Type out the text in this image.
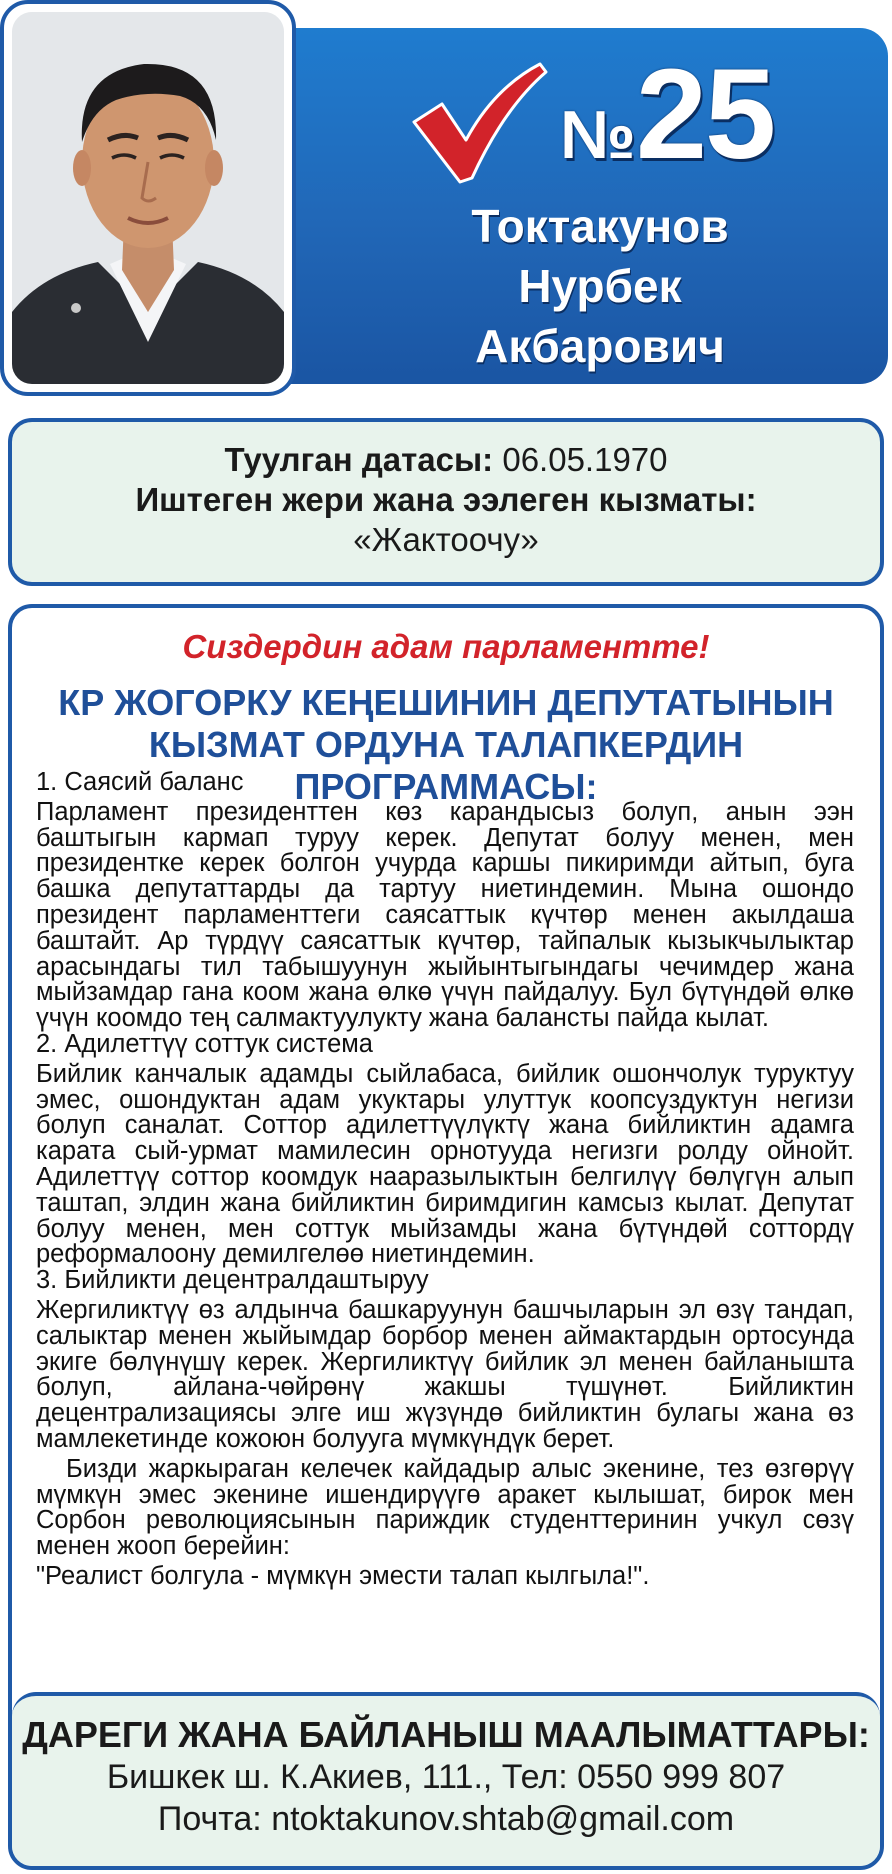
№25
Токтакунов
Нурбек
Акбарович
Туулган датасы: 06.05.1970
Иштеген жери жана ээлеген кызматы:
«Жактоочу»
Сиздердин адам парламентте!
КР ЖОГОРКУ КЕҢЕШИНИН ДЕПУТАТЫНЫН
КЫЗМАТ ОРДУНА ТАЛАПКЕРДИН ПРОГРАММАСЫ:

1. Саясий баланс

Парламент президенттен көз карандысыз болуп, анын ээн баштыгын кармап туруу керек. Депутат болуу менен, мен президентке керек болгон учурда каршы пикиримди айтып, буга башка депутаттарды да тартуу ниетиндемин. Мына ошондо президент парламенттеги саясаттык күчтөр менен акылдаша баштайт. Ар түрдүү саясаттык күчтөр, тайпалык кызыкчылыктар арасындагы тил табышуунун жыйынтыгындагы чечимдер жана мыйзамдар гана коом жана өлкө үчүн пайдалуу. Бул бүтүндөй өлкө үчүн коомдо тең салмактуулукту жана балансты пайда кылат.

2. Адилеттүү соттук система

Бийлик канчалык адамды сыйлабаса, бийлик ошончолук туруктуу эмес, ошондуктан адам укуктары улуттук коопсуздуктун негизи болуп саналат. Соттор адилеттүүлүктү жана бийликтин адамга карата сый-урмат мамилесин орнотууда негизги ролду ойнойт. Адилеттүү соттор коомдук нааразылыктын белгилүү бөлүгүн алып таштап, элдин жана бийликтин биримдигин камсыз кылат. Депутат болуу менен, мен соттук мыйзамды жана бүтүндөй соттордү реформалоону демилгелөө ниетиндемин.

3. Бийликти децентралдаштыруу

Жергиликтүү өз алдынча башкаруунун башчыларын эл өзү тандап, салыктар менен жыйымдар борбор менен аймактардын ортосунда экиге бөлүнүшү керек. Жергиликтүү бийлик эл менен байланышта болуп, айлана-чөйрөнү жакшы түшүнөт. Бийликтин децентрализациясы элге иш жүзүндө бийликтин булагы жана өз мамлекетинде кожоюн болууга мүмкүндүк берет.

Бизди жаркыраган келечек кайдадыр алыс экенине, тез өзгөрүү мүмкүн эмес экенине ишендирүүгө аракет кылышат, бирок мен Сорбон революциясынын париждик студенттеринин учкул сөзү менен жооп берейин:

"Реалист болгула - мүмкүн эмести талап кылгыла!".

ДАРЕГИ ЖАНА БАЙЛАНЫШ МААЛЫМАТТАРЫ:
Бишкек ш. К.Акиев, 111., Тел: 0550 999 807
Почта: ntoktakunov.shtab@gmail.com
